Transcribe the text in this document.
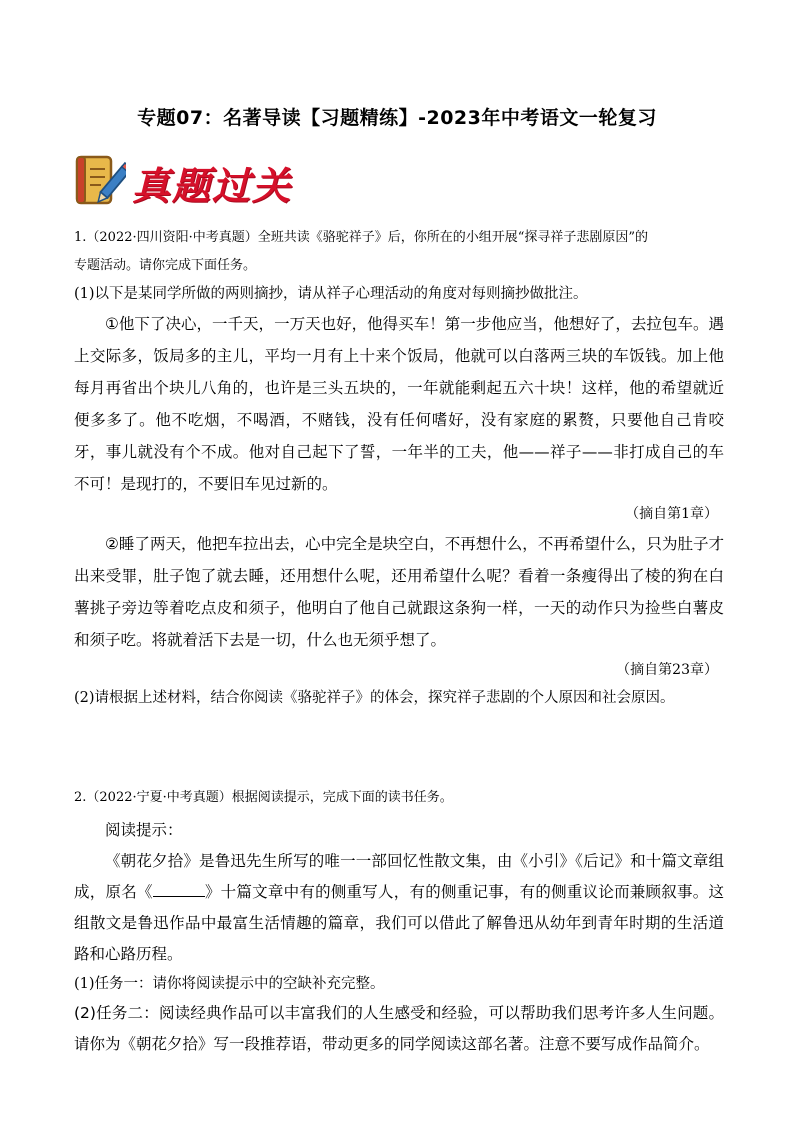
专题07：名著导读【习题精练】-2023年中考语文一轮复习
真题过关
1.（2022·四川资阳·中考真题）全班共读《骆驼祥子》后，你所在的小组开展“探寻祥子悲剧原因”的
专题活动。请你完成下面任务。
(1)以下是某同学所做的两则摘抄，请从祥子心理活动的角度对每则摘抄做批注。
①他下了决心，一千天，一万天也好，他得买车！第一步他应当，他想好了，去拉包车。遇上交际多，饭局多的主儿，平均一月有上十来个饭局，他就可以白落两三块的车饭钱。加上他每月再省出个块儿八角的，也许是三头五块的，一年就能剩起五六十块！这样，他的希望就近便多多了。他不吃烟，不喝酒，不赌钱，没有任何嗜好，没有家庭的累赘，只要他自己肯咬牙，事儿就没有个不成。他对自己起下了誓，一年半的工夫，他——祥子——非打成自己的车不可！是现打的，不要旧车见过新的。
（摘自第1章）
②睡了两天，他把车拉出去，心中完全是块空白，不再想什么，不再希望什么，只为肚子才出来受罪，肚子饱了就去睡，还用想什么呢，还用希望什么呢？看着一条瘦得出了棱的狗在白薯挑子旁边等着吃点皮和须子，他明白了他自己就跟这条狗一样，一天的动作只为捡些白薯皮和须子吃。将就着活下去是一切，什么也无须乎想了。
（摘自第23章）
(2)请根据上述材料，结合你阅读《骆驼祥子》的体会，探究祥子悲剧的个人原因和社会原因。
2.（2022·宁夏·中考真题）根据阅读提示，完成下面的读书任务。
阅读提示：
《朝花夕拾》是鲁迅先生所写的唯一一部回忆性散文集，由《小引》《后记》和十篇文章组成，原名《	》十篇文章中有的侧重写人，有的侧重记事，有的侧重议论而兼顾叙事。这组散文是鲁迅作品中最富生活情趣的篇章，我们可以借此了解鲁迅从幼年到青年时期的生活道路和心路历程。
(1)任务一：请你将阅读提示中的空缺补充完整。
(2)任务二：阅读经典作品可以丰富我们的人生感受和经验，可以帮助我们思考许多人生问题。请你为《朝花夕拾》写一段推荐语，带动更多的同学阅读这部名著。注意不要写成作品简介。
